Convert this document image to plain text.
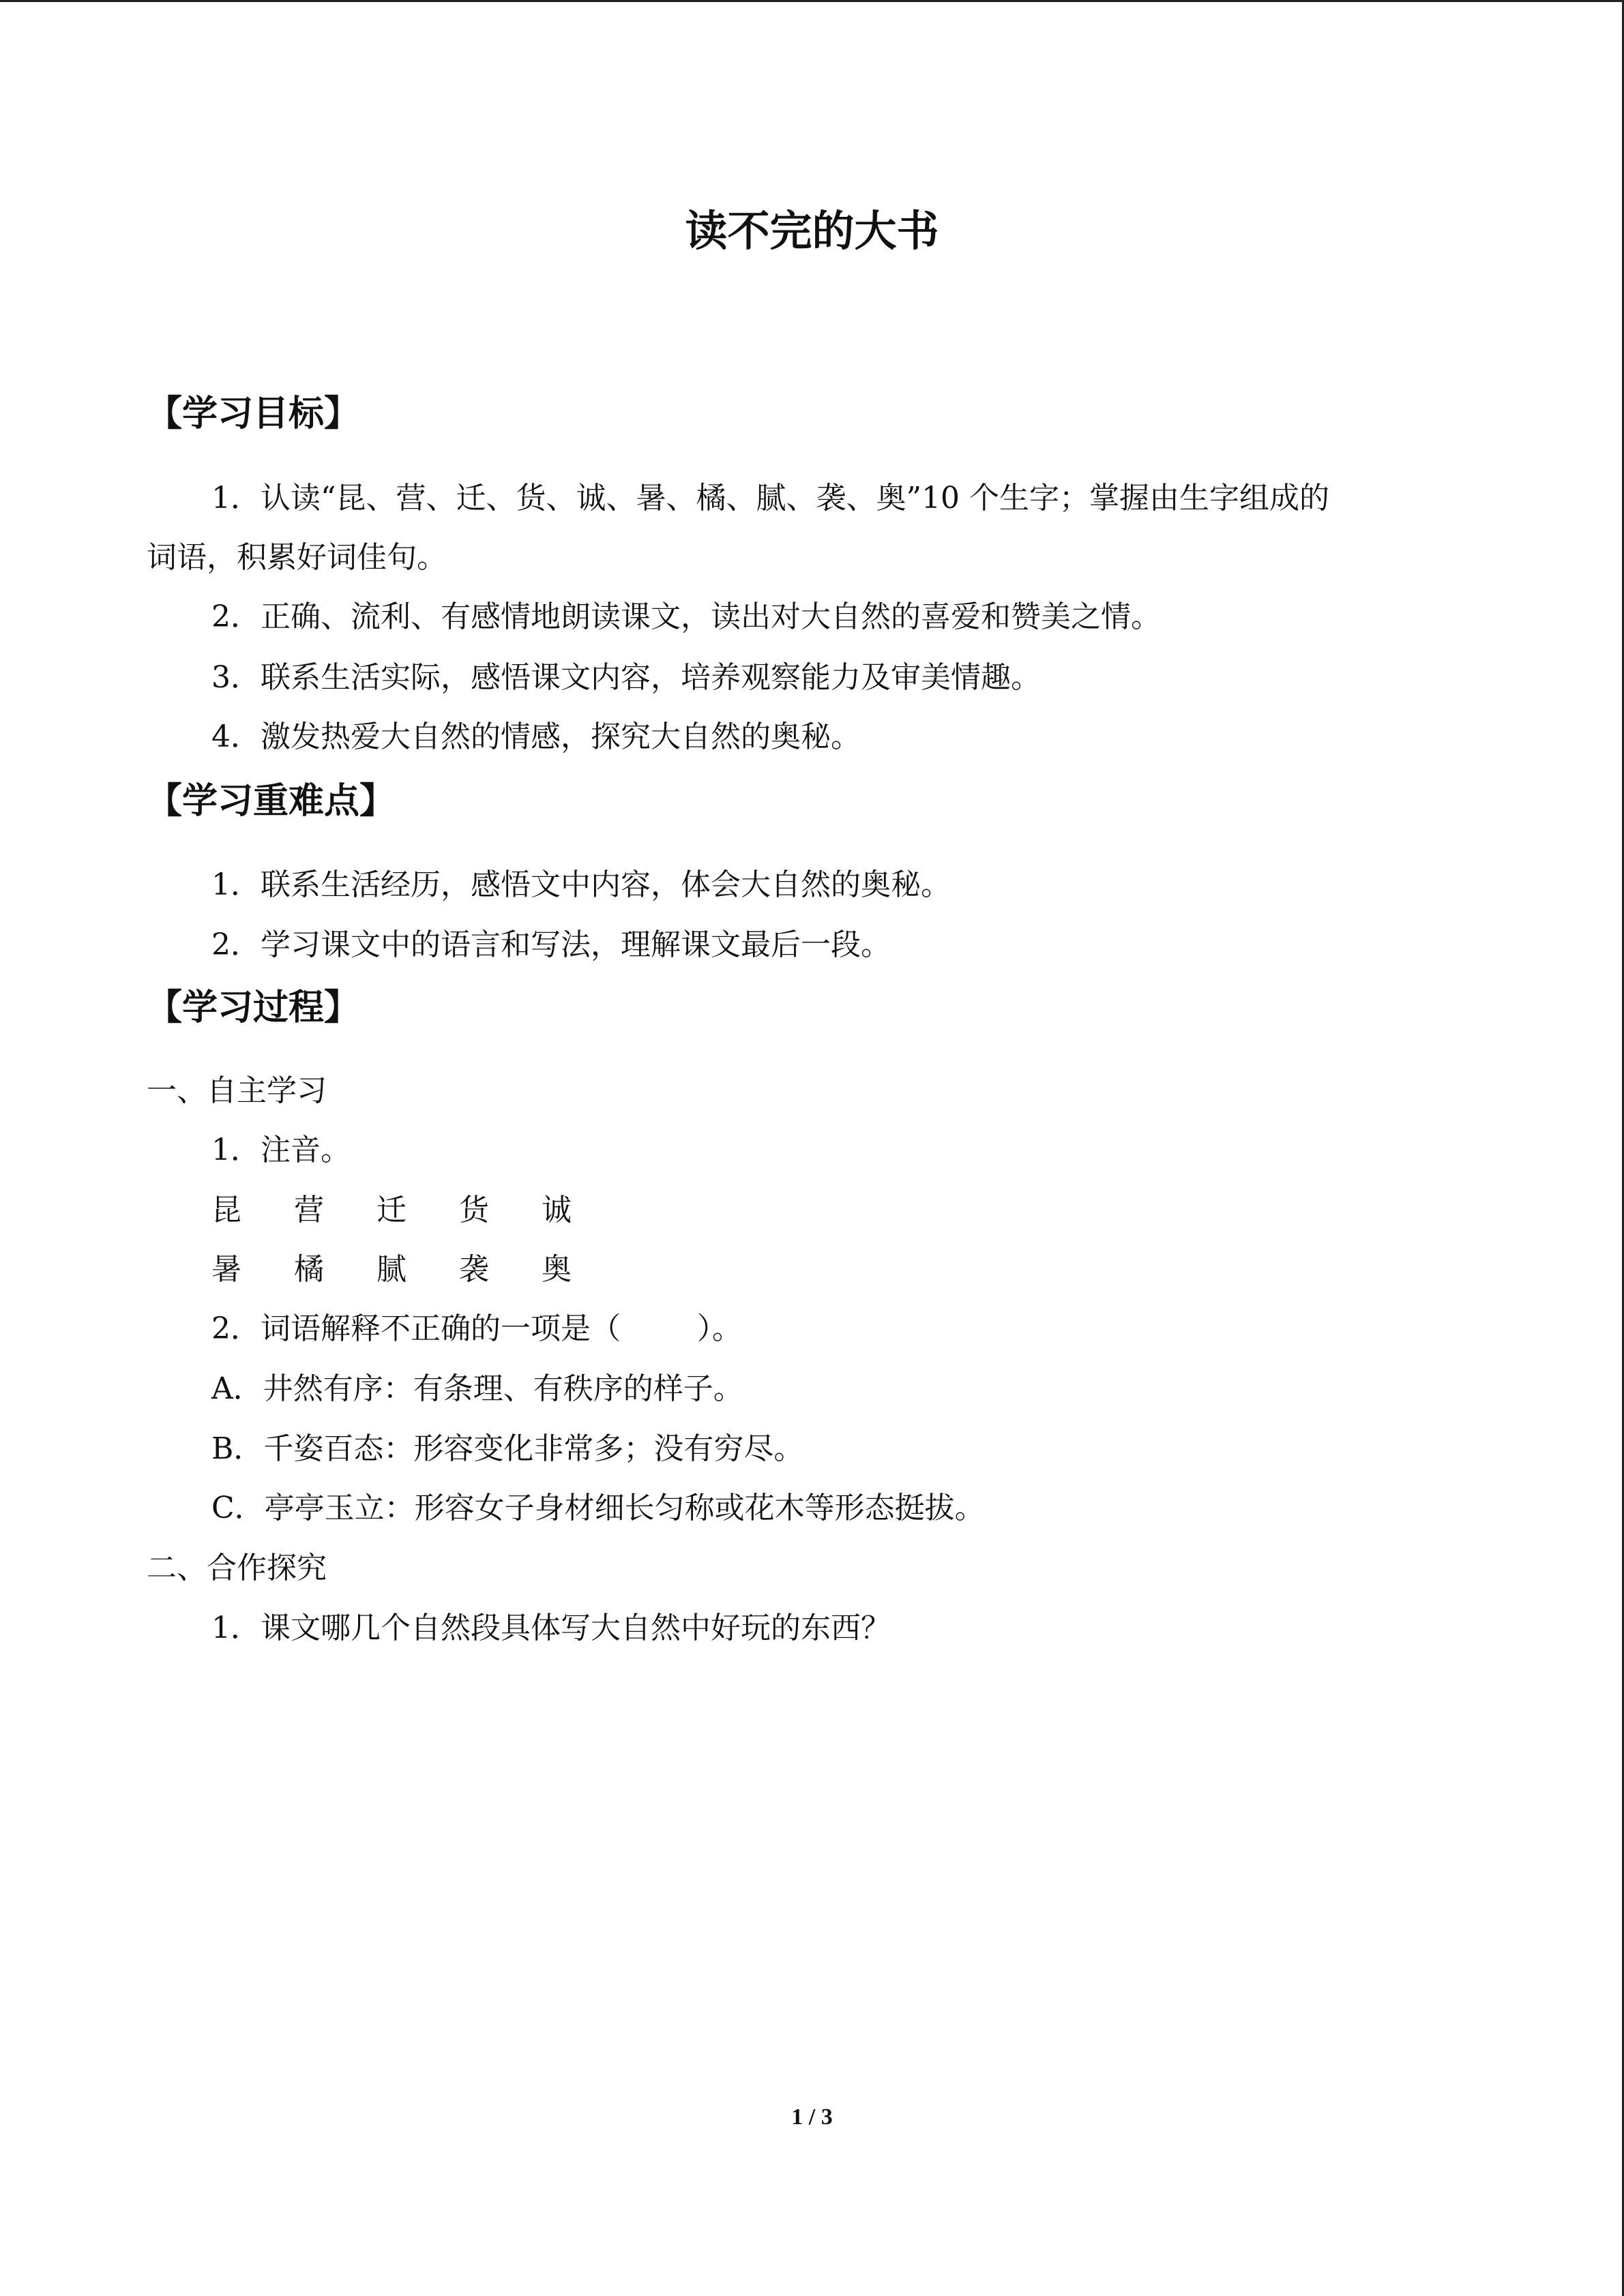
读不完的大书
【学习目标】
1．认读“昆、营、迁、货、诚、暑、橘、腻、袭、奥”10 个生字；掌握由生字组成的
词语，积累好词佳句。
2．正确、流利、有感情地朗读课文，读出对大自然的喜爱和赞美之情。
3．联系生活实际，感悟课文内容，培养观察能力及审美情趣。
4．激发热爱大自然的情感，探究大自然的奥秘。
【学习重难点】
1．联系生活经历，感悟文中内容，体会大自然的奥秘。
2．学习课文中的语言和写法，理解课文最后一段。
【学习过程】
一、自主学习
1．注音。
昆	营	迁	货	诚
暑	橘	腻	袭	奥
2．词语解释不正确的一项是（        ）。
A．井然有序：有条理、有秩序的样子。
B．千姿百态：形容变化非常多；没有穷尽。
C．亭亭玉立：形容女子身材细长匀称或花木等形态挺拔。
二、合作探究
1．课文哪几个自然段具体写大自然中好玩的东西？
1 / 3
